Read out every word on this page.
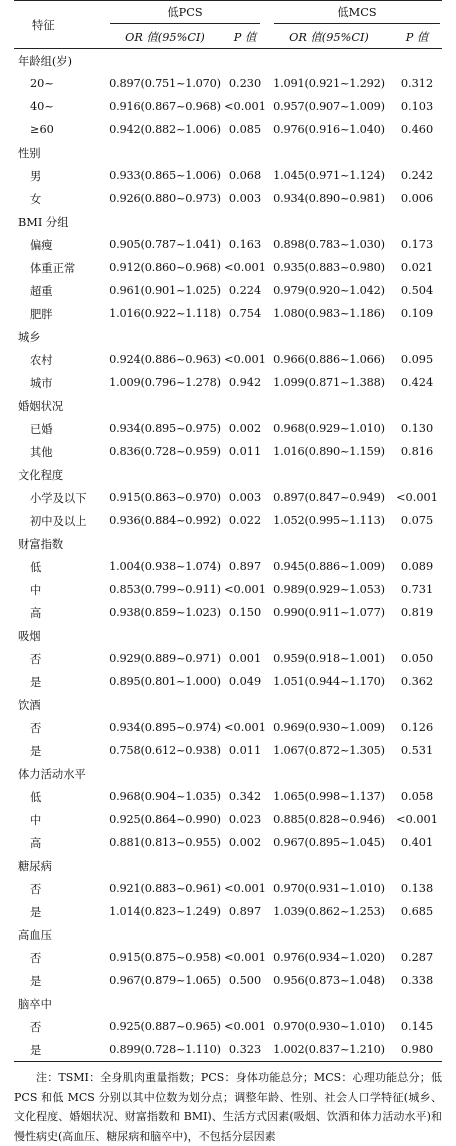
特征	低PCS		低MCS	

	OR 值(95%CI)	P 值	OR 值(95%CI)	P 值
年龄组(岁)				
20~	0.897(0.751~1.070)	0.230	1.091(0.921~1.292)	0.312
40~	0.916(0.867~0.968)	<0.001	0.957(0.907~1.009)	0.103
≥60	0.942(0.882~1.006)	0.085	0.976(0.916~1.040)	0.460
性别				
男	0.933(0.865~1.006)	0.068	1.045(0.971~1.124)	0.242
女	0.926(0.880~0.973)	0.003	0.934(0.890~0.981)	0.006
BMI 分组				
偏瘦	0.905(0.787~1.041)	0.163	0.898(0.783~1.030)	0.173
体重正常	0.912(0.860~0.968)	<0.001	0.935(0.883~0.980)	0.021
超重	0.961(0.901~1.025)	0.224	0.979(0.920~1.042)	0.504
肥胖	1.016(0.922~1.118)	0.754	1.080(0.983~1.186)	0.109
城乡				
农村	0.924(0.886~0.963)	<0.001	0.966(0.886~1.066)	0.095
城市	1.009(0.796~1.278)	0.942	1.099(0.871~1.388)	0.424
婚姻状况				
已婚	0.934(0.895~0.975)	0.002	0.968(0.929~1.010)	0.130
其他	0.836(0.728~0.959)	0.011	1.016(0.890~1.159)	0.816
文化程度				
小学及以下	0.915(0.863~0.970)	0.003	0.897(0.847~0.949)	<0.001
初中及以上	0.936(0.884~0.992)	0.022	1.052(0.995~1.113)	0.075
财富指数				
低	1.004(0.938~1.074)	0.897	0.945(0.886~1.009)	0.089
中	0.853(0.799~0.911)	<0.001	0.989(0.929~1.053)	0.731
高	0.938(0.859~1.023)	0.150	0.990(0.911~1.077)	0.819
吸烟				
否	0.929(0.889~0.971)	0.001	0.959(0.918~1.001)	0.050
是	0.895(0.801~1.000)	0.049	1.051(0.944~1.170)	0.362
饮酒				
否	0.934(0.895~0.974)	<0.001	0.969(0.930~1.009)	0.126
是	0.758(0.612~0.938)	0.011	1.067(0.872~1.305)	0.531
体力活动水平				
低	0.968(0.904~1.035)	0.342	1.065(0.998~1.137)	0.058
中	0.925(0.864~0.990)	0.023	0.885(0.828~0.946)	<0.001
高	0.881(0.813~0.955)	0.002	0.967(0.895~1.045)	0.401
糖尿病				
否	0.921(0.883~0.961)	<0.001	0.970(0.931~1.010)	0.138
是	1.014(0.823~1.249)	0.897	1.039(0.862~1.253)	0.685
高血压				
否	0.915(0.875~0.958)	<0.001	0.976(0.934~1.020)	0.287
是	0.967(0.879~1.065)	0.500	0.956(0.873~1.048)	0.338
脑卒中				
否	0.925(0.887~0.965)	<0.001	0.970(0.930~1.010)	0.145
是	0.899(0.728~1.110)	0.323	1.002(0.837~1.210)	0.980
注：TSMI：全身肌肉重量指数；PCS：身体功能总分；MCS：心理功能总分；低 PCS 和低 MCS 分别以其中位数为划分点；调整年龄、性别、社会人口学特征(城乡、文化程度、婚姻状况、财富指数和 BMI)、生活方式因素(吸烟、饮酒和体力活动水平)和慢性病史(高血压、糖尿病和脑卒中)，不包括分层因素
